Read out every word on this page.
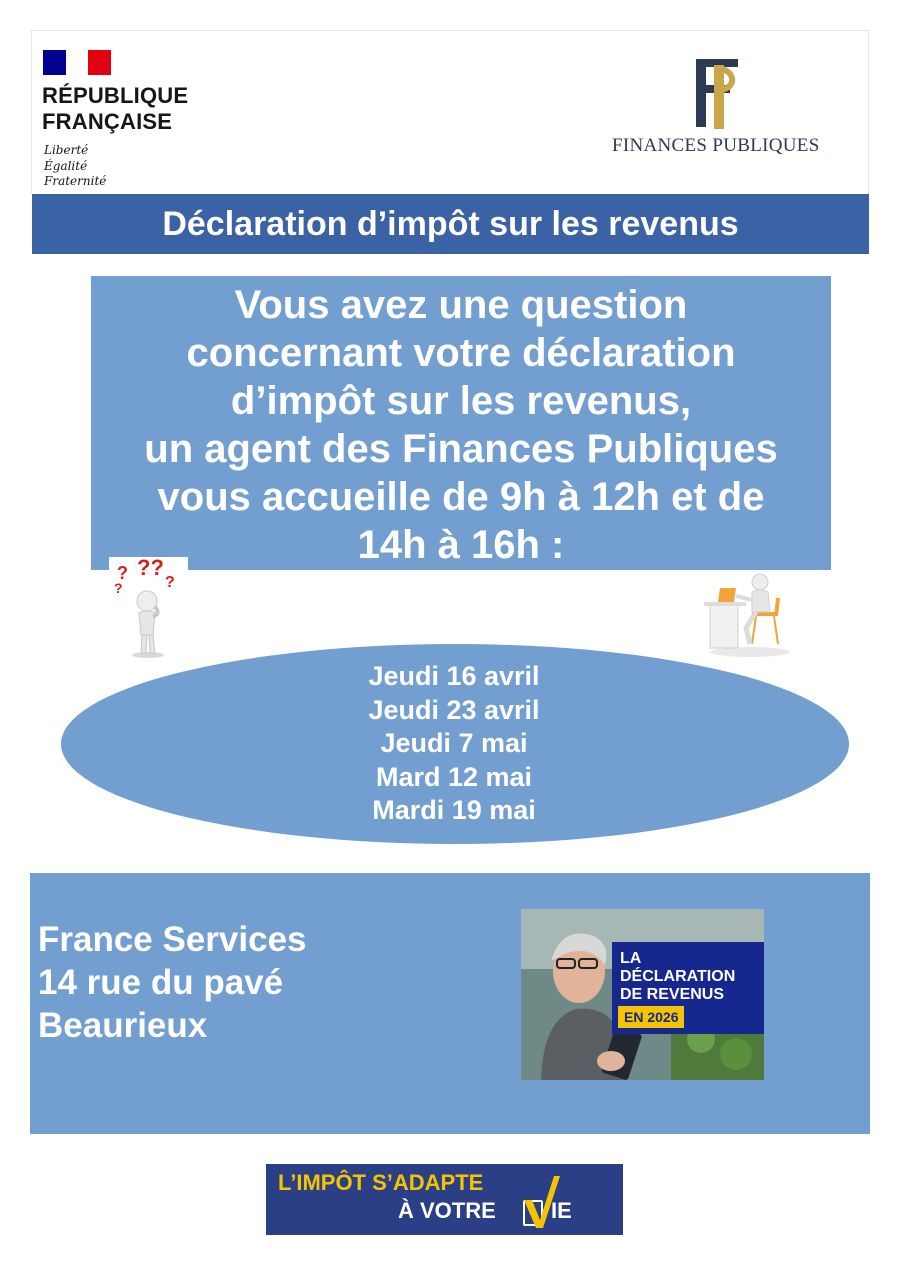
RÉPUBLIQUE
FRANÇAISE
Liberté
Égalité
Fraternité
FINANCES PUBLIQUES
Déclaration d’impôt sur les revenus
Vous avez une question
concernant votre déclaration
d’impôt sur les revenus,
un agent des Finances Publiques
vous accueille de 9h à 12h et de
14h à 16h :
? ??
?	?
Jeudi 16 avril
Jeudi 23 avril
Jeudi 7 mai
Mard 12 mai
Mardi 19 mai
France Services
14 rue du pavé
Beaurieux
LA
DÉCLARATION
DE REVENUS
EN 2026
L’IMPÔT S’ADAPTE
À VOTRE	IE
